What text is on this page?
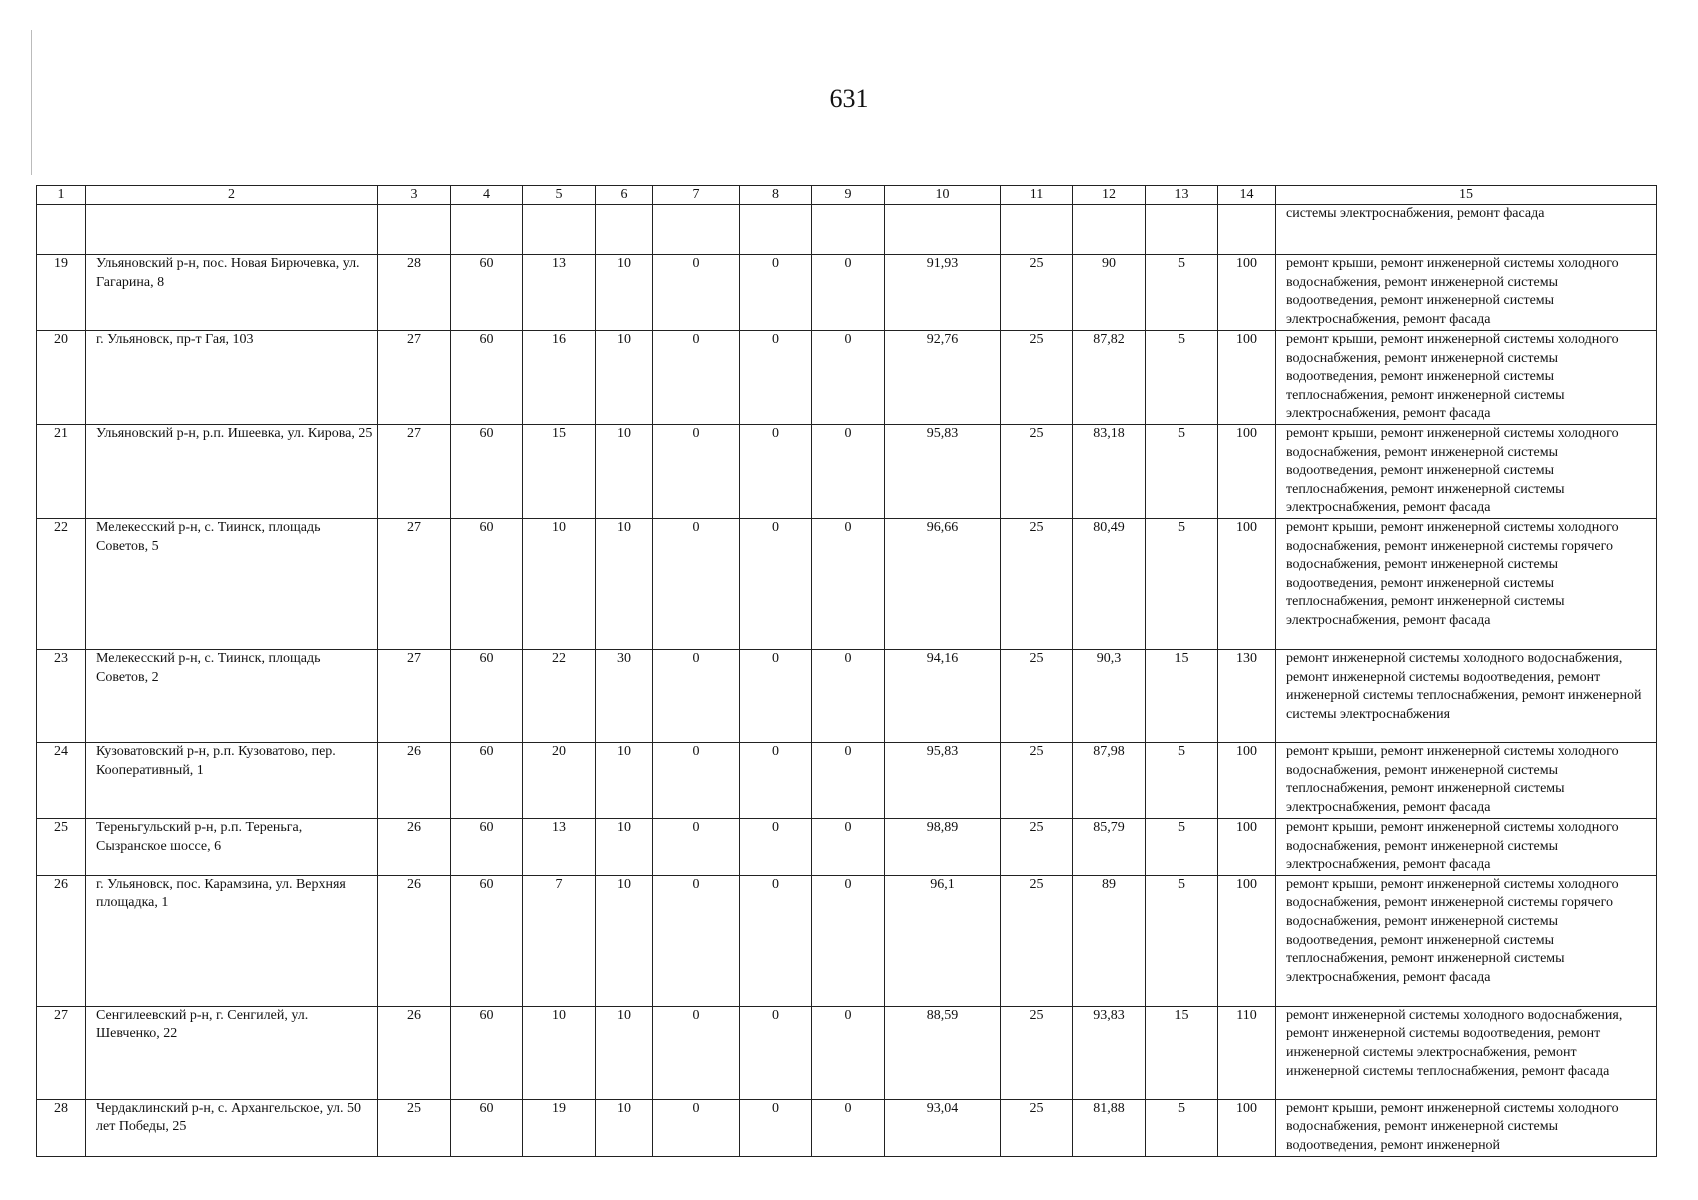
631
1	2	3	4	5	6	7	8	9	10	11	12	13	14	15
														системы электроснабжения, ремонт фасада
19	Ульяновский р-н, пос. Новая Бирючевка, ул. Гагарина, 8	28	60	13	10	0	0	0	91,93	25	90	5	100	ремонт крыши, ремонт инженерной системы холодного водоснабжения, ремонт инженерной системы водоотведения, ремонт инженерной системы электроснабжения, ремонт фасада
20	г. Ульяновск, пр-т Гая, 103	27	60	16	10	0	0	0	92,76	25	87,82	5	100	ремонт крыши, ремонт инженерной системы холодного водоснабжения, ремонт инженерной системы водоотведения, ремонт инженерной системы теплоснабжения, ремонт инженерной системы электроснабжения, ремонт фасада
21	Ульяновский р-н, р.п. Ишеевка, ул. Кирова, 25	27	60	15	10	0	0	0	95,83	25	83,18	5	100	ремонт крыши, ремонт инженерной системы холодного водоснабжения, ремонт инженерной системы водоотведения, ремонт инженерной системы теплоснабжения, ремонт инженерной системы электроснабжения, ремонт фасада
22	Мелекесский р-н, с. Тиинск, площадь Советов, 5	27	60	10	10	0	0	0	96,66	25	80,49	5	100	ремонт крыши, ремонт инженерной системы холодного водоснабжения, ремонт инженерной системы горячего водоснабжения, ремонт инженерной системы водоотведения, ремонт инженерной системы теплоснабжения, ремонт инженерной системы электроснабжения, ремонт фасада
23	Мелекесский р-н, с. Тиинск, площадь Советов, 2	27	60	22	30	0	0	0	94,16	25	90,3	15	130	ремонт инженерной системы холодного водоснабжения, ремонт инженерной системы водоотведения, ремонт инженерной системы теплоснабжения, ремонт инженерной системы электроснабжения
24	Кузоватовский р-н, р.п. Кузоватово, пер. Кооперативный, 1	26	60	20	10	0	0	0	95,83	25	87,98	5	100	ремонт крыши, ремонт инженерной системы холодного водоснабжения, ремонт инженерной системы теплоснабжения, ремонт инженерной системы электроснабжения, ремонт фасада
25	Тереньгульский р-н, р.п. Тереньга, Сызранское шоссе, 6	26	60	13	10	0	0	0	98,89	25	85,79	5	100	ремонт крыши, ремонт инженерной системы холодного водоснабжения, ремонт инженерной системы электроснабжения, ремонт фасада
26	г. Ульяновск, пос. Карамзина, ул. Верхняя площадка, 1	26	60	7	10	0	0	0	96,1	25	89	5	100	ремонт крыши, ремонт инженерной системы холодного водоснабжения, ремонт инженерной системы горячего водоснабжения, ремонт инженерной системы водоотведения, ремонт инженерной системы теплоснабжения, ремонт инженерной системы электроснабжения, ремонт фасада
27	Сенгилеевский р-н, г. Сенгилей, ул. Шевченко, 22	26	60	10	10	0	0	0	88,59	25	93,83	15	110	ремонт инженерной системы холодного водоснабжения, ремонт инженерной системы водоотведения, ремонт инженерной системы электроснабжения, ремонт инженерной системы теплоснабжения, ремонт фасада
28	Чердаклинский р-н, с. Архангельское, ул. 50 лет Победы, 25	25	60	19	10	0	0	0	93,04	25	81,88	5	100	ремонт крыши, ремонт инженерной системы холодного водоснабжения, ремонт инженерной системы водоотведения, ремонт инженерной
